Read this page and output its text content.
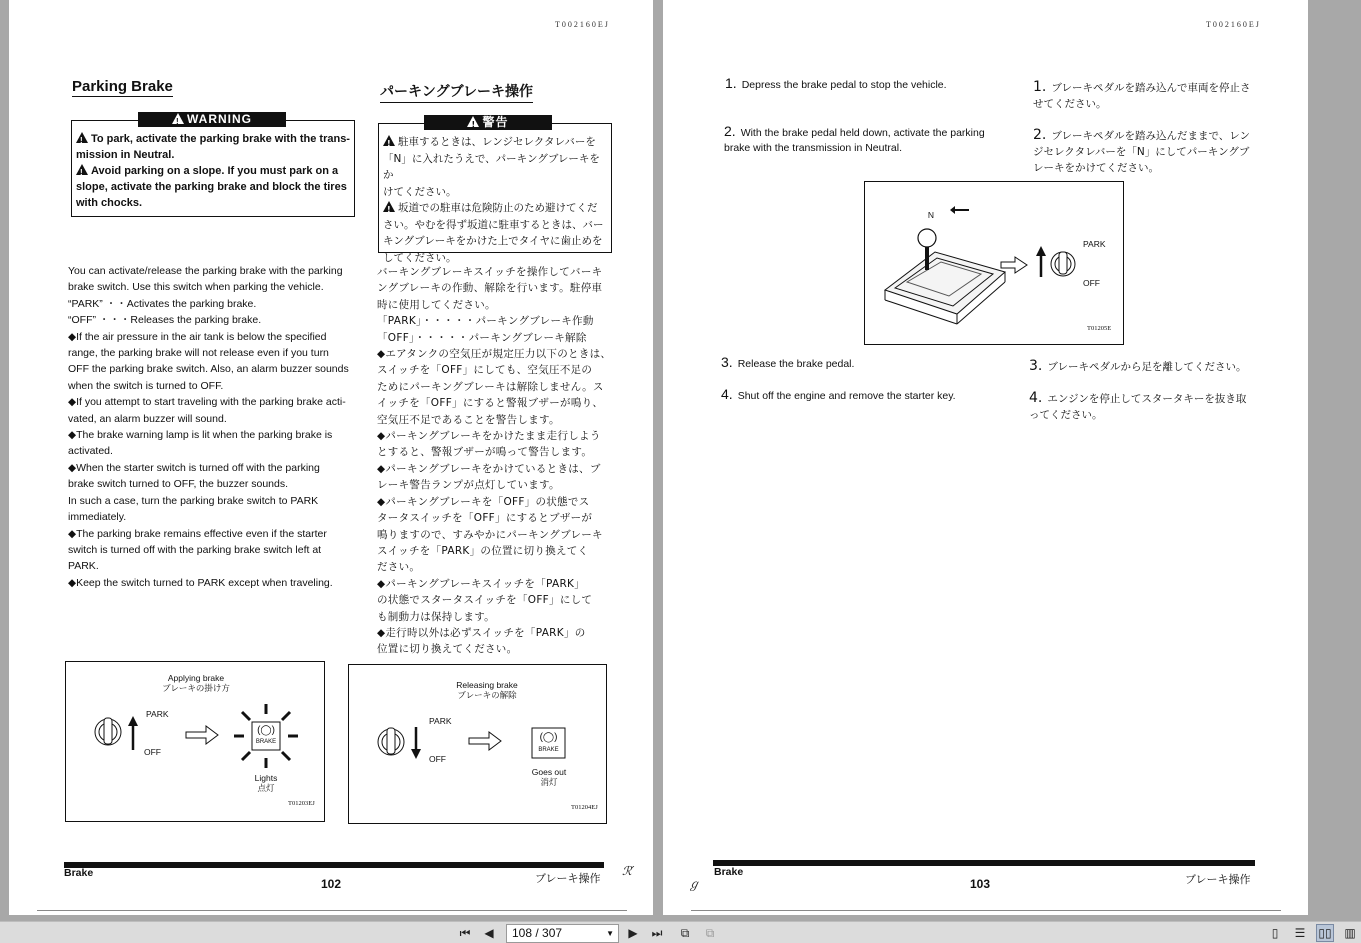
T002160EJ
Parking Brake	パーキングブレーキ操作
!WARNING
!To park, activate the parking brake with the trans-
mission in Neutral.
!Avoid parking on a slope. If you must park on a
slope, activate the parking brake and block the tires
with chocks.
!警告
!駐車するときは、レンジセレクタレバーを
「N」に入れたうえで、パーキングブレーキをか
けてください。
!坂道での駐車は危険防止のため避けてくだ
さい。やむを得ず坂道に駐車するときは、バー
キングブレーキをかけた上でタイヤに歯止めを
してください。

You can activate/release the parking brake with the parking

brake switch. Use this switch when parking the vehicle.

“PARK” ・・Activates the parking brake.

“OFF” ・・・Releases the parking brake.

◆If the air pressure in the air tank is below the specified

range, the parking brake will not release even if you turn

OFF the parking brake switch. Also, an alarm buzzer sounds

when the switch is turned to OFF.

◆If you attempt to start traveling with the parking brake acti-

vated, an alarm buzzer will sound.

◆The brake warning lamp is lit when the parking brake is

activated.

◆When the starter switch is turned off with the parking

brake switch turned to OFF, the buzzer sounds.

In such a case, turn the parking brake switch to PARK

immediately.

◆The parking brake remains effective even if the starter

switch is turned off with the parking brake switch left at

PARK.

◆Keep the switch turned to PARK except when traveling.

バーキングブレーキスイッチを操作してバーキ

ングブレーキの作動、解除を行います。駐停車

時に使用してください。

「PARK」・・・・・パーキングブレーキ作動

「OFF」・・・・・パーキングブレーキ解除

◆エアタンクの空気圧が規定圧力以下のときは、

スイッチを「OFF」にしても、空気圧不足の

ためにパーキングブレーキは解除しません。ス

イッチを「OFF」にすると警報ブザーが鳴り、

空気圧不足であることを警告します。

◆パーキングブレーキをかけたまま走行しよう

とすると、警報ブザーが鳴って警告します。

◆パーキングブレーキをかけているときは、ブ

レーキ警告ランプが点灯しています。

◆パーキングブレーキを「OFF」の状態でス

タータスイッチを「OFF」にするとブザーが

鳴りますので、すみやかにパーキングブレーキ

スイッチを「PARK」の位置に切り換えてく

ださい。

◆パーキングブレーキスイッチを「PARK」

の状態でスタータスイッチを「OFF」にして

も制動力は保持します。

◆走行時以外は必ずスイッチを「PARK」の

位置に切り換えてください。

Applying brake
ブレーキの掛け方
PARK
OFF
(◯)
BRAKE
Lights
点灯
T01203EJ
Releasing brake
ブレーキの解除
PARK
OFF
(◯)
BRAKE
Goes out
消灯
T01204EJ
Brake
102	ブレーキ操作
ℛ′
T002160EJ
1. Depress the brake pedal to stop the vehicle.
2. With the brake pedal held down, activate the parking
brake with the transmission in Neutral.
3. Release the brake pedal.
4. Shut off the engine and remove the starter key.
1. ブレーキペダルを踏み込んで車両を停止さ
せてください。
2. ブレーキペダルを踏み込んだままで、レン
ジセレクタレバーを「N」にしてパーキングブ
レーキをかけてください。
3. ブレーキペダルから足を離してください。
4. エンジンを停止してスタータキーを抜き取
ってください。
N
PARK
OFF
T01205E
ℊ
Brake
103	ブレーキ操作
⏮	◀	108 / 307	▼	▶	⏭	⧉	⧉	▯	☰	▯▯ ▥
